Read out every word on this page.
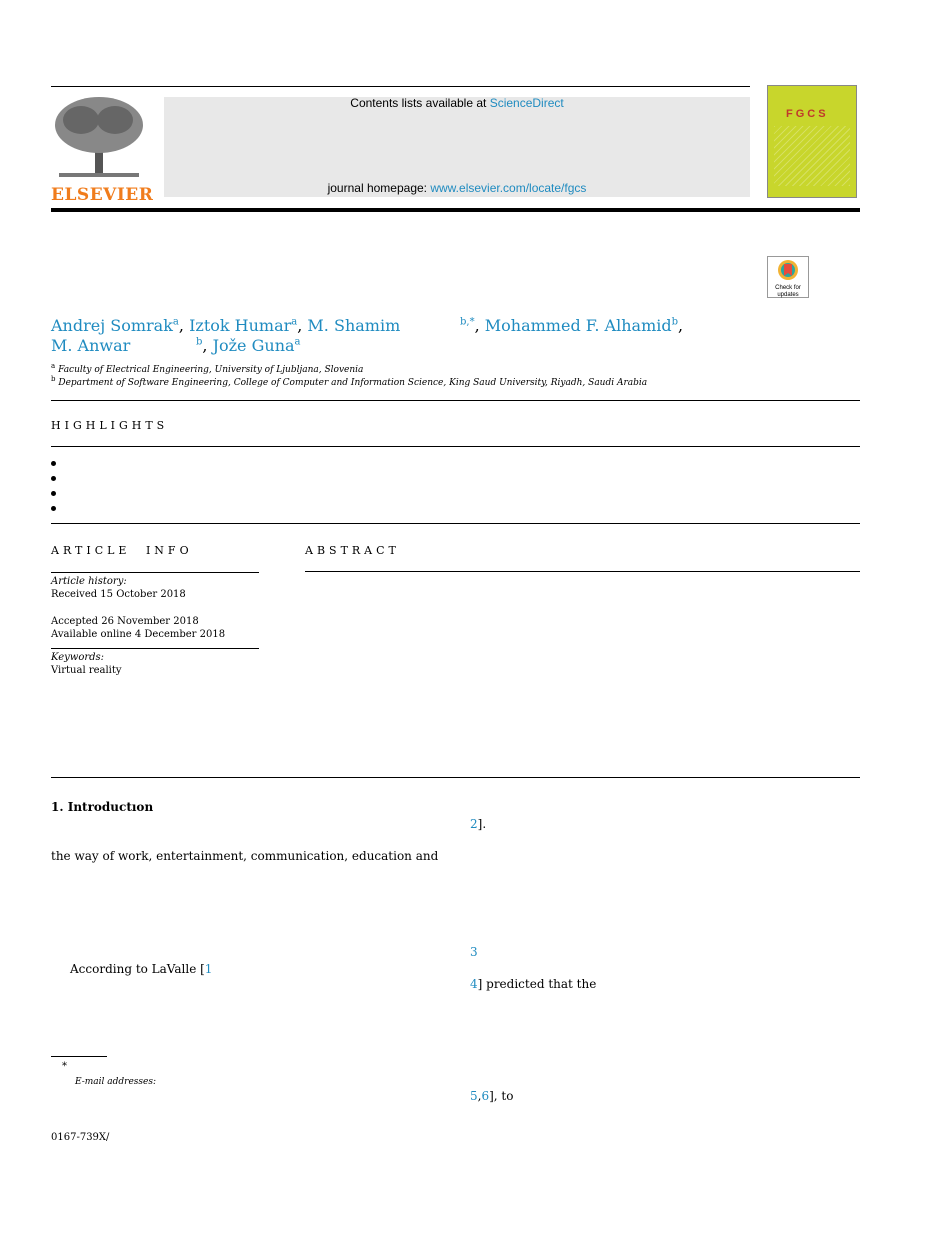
ELSEVIER
Contents lists available at ScienceDirect
journal homepage: www.elsevier.com/locate/fgcs
FGCS
Check for updates
Andrej Somrak$^a$, Iztok Humar$^a$, M. Shamim	$^{b,*}$, Mohammed F. Alhamid$^b$,
M. Anwar	$^b$, Jože Guna$^a$
$^a$ Faculty of Electrical Engineering, University of Ljubljana, Slovenia
$^b$ Department of Software Engineering, College of Computer and Information Science, King Saud University, Riyadh, Saudi Arabia
HIGHLIGHTS
ARTICLE INFO
Article history:
Received 15 October 2018
Accepted 26 November 2018
Available online 4 December 2018
Keywords:
Virtual reality
ABSTRACT
1. Introductıon
the way of work, entertainment, communication, education and
According to LaValle [1
*
E-mail addresses:
0167-739X/
2].
3
4] predicted that the
5,6], to
